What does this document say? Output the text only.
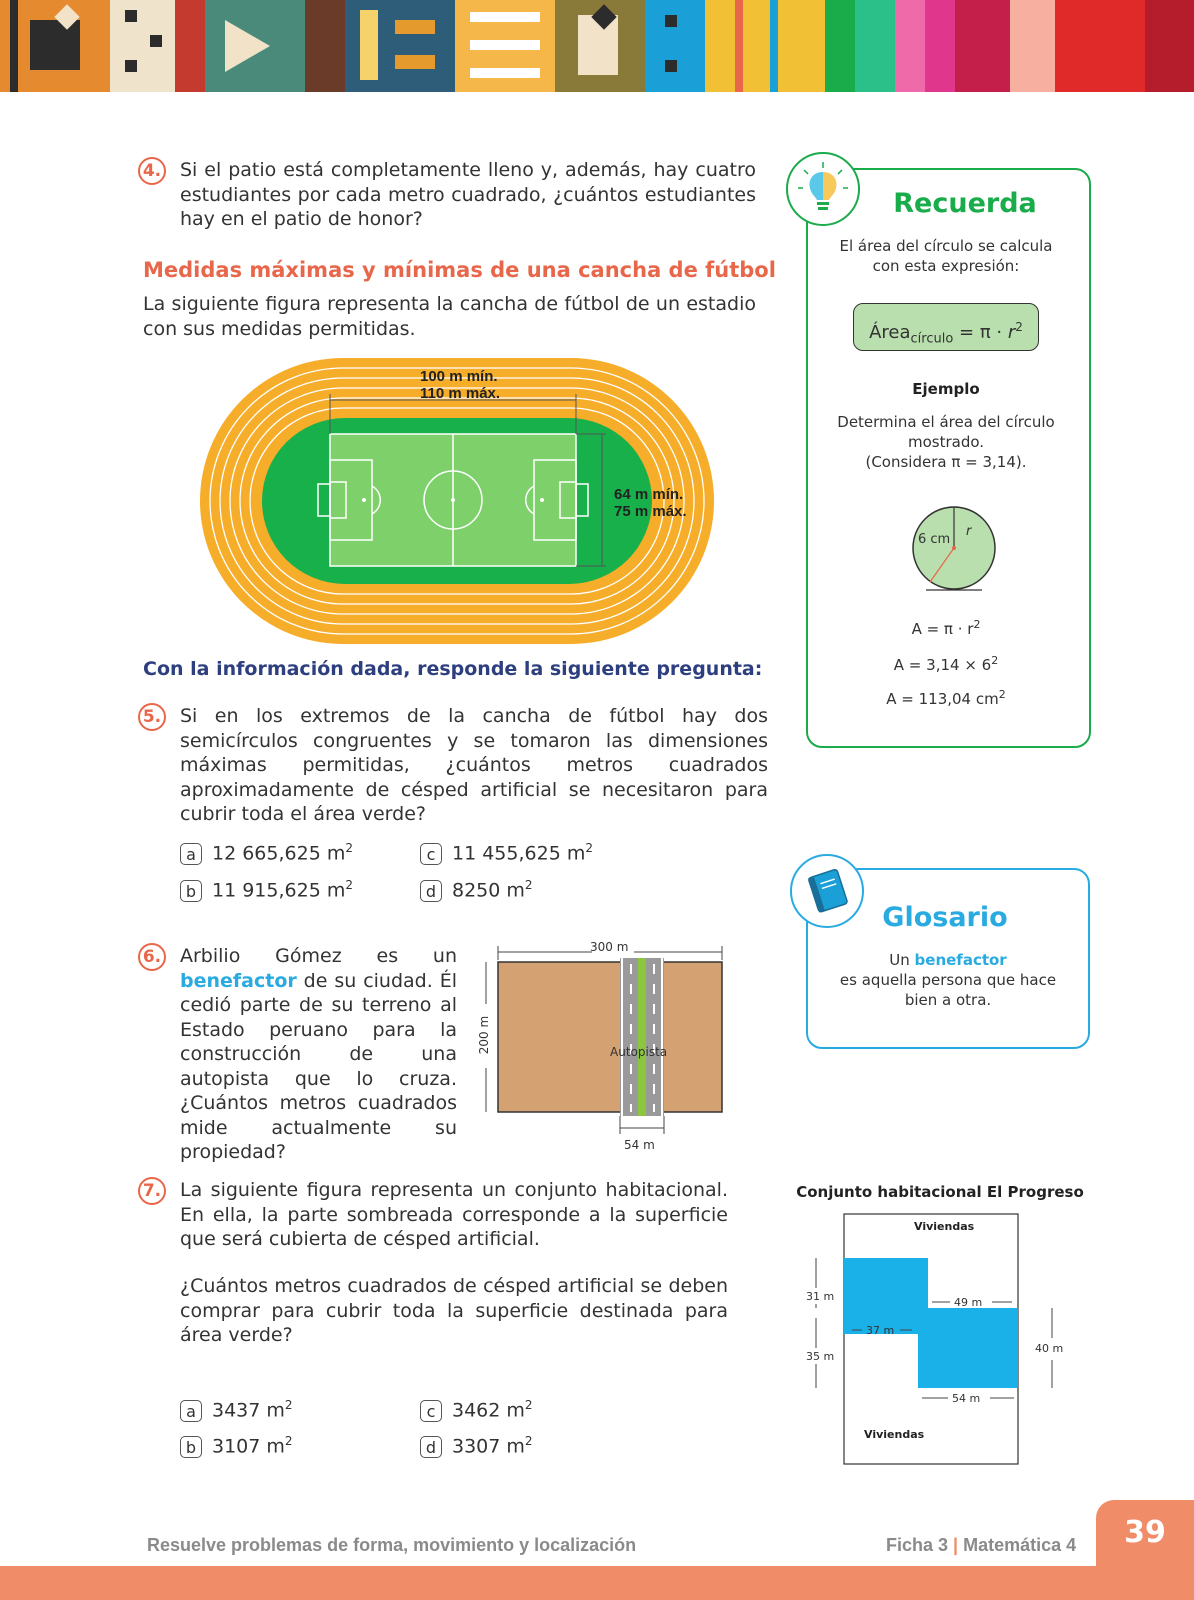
4. Si el patio está completamente lleno y, además, hay cuatro estudiantes por cada metro cuadrado, ¿cuántos estudiantes hay en el patio de honor?
Medidas máximas y mínimas de una cancha de fútbol
La siguiente figura representa la cancha de fútbol de un estadio con sus medidas permitidas.
100 m mín.
110 m máx.
64 m mín.
75 m máx.
Con la información dada, responde la siguiente pregunta:
5. Si en los extremos de la cancha de fútbol hay dos semicírculos congruentes y se tomaron las dimensiones máximas permitidas, ¿cuántos metros cuadrados aproximadamente de césped artificial se necesitaron para cubrir toda el área verde?
a 12 665,625 $m^2$
b 11 915,625 $m^2$
c 11 455,625 $m^2$
d 8250 $m^2$
6. Arbilio Gómez es un benefactor de su ciudad. Él cedió parte de su terreno al Estado peruano para la construcción de una autopista que lo cruza. ¿Cuántos metros cuadrados mide actualmente su propiedad?
300 m
200 m
54 m
Autopista
7. La siguiente figura representa un conjunto habitacional. En ella, la parte sombreada corresponde a la superficie que será cubierta de césped artificial.
¿Cuántos metros cuadrados de césped artificial se deben comprar para cubrir toda la superficie destinada para área verde?
a 3437 $m^2$
b 3107 $m^2$
c 3462 $m^2$
d 3307 $m^2$
Conjunto habitacional El Progreso
Viviendas
Viviendas
31 m	49 m
37 m
35 m
40 m
54 m
Recuerda
El área del círculo se calcula con esta expresión:
Área$_{círculo}$ = $\pi \cdot r^2$
Ejemplo
Determina el área del círculo mostrado.
(Considera π = 3,14).
6 cm
r
$A = \pi \cdot r^2$
$A = 3,14 \times 6^2$
A = 113,04 $cm^2$
Glosario
Un benefactor
es aquella persona que hace bien a otra.
Resuelve problemas de forma, movimiento y localización	Ficha 3 | Matemática 4	39
